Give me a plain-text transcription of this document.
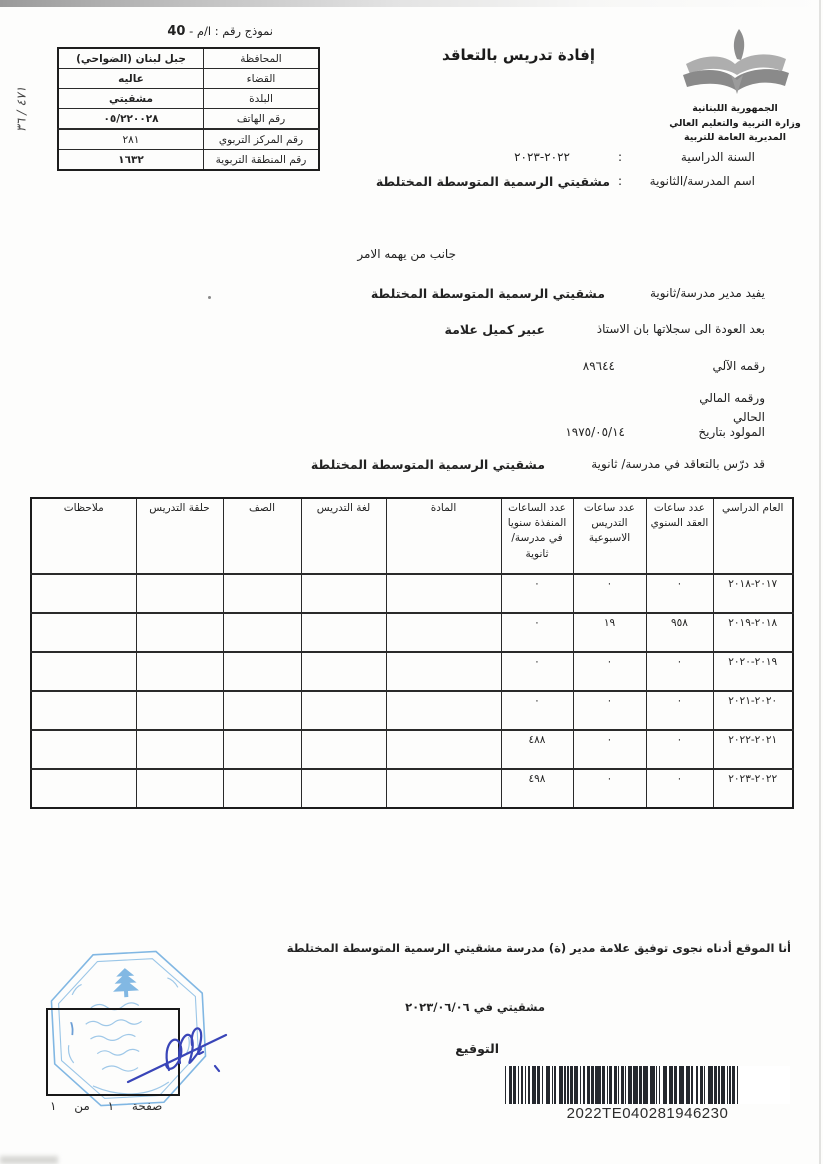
نموذج رقم : ا/م - 40
المحافظة	جبل لبنان (الضواحي)
القضاء	عاليه
البلدة	مشقيتي
رقم الهاتف	٠٥/٢٢٠٠٢٨
رقم المركز التربوي	٢٨١
رقم المنطقة التربوية	١٦٣٢
٤٧١ / ٣٦
الجمهورية اللبنانية
وزارة التربية والتعليم العالي
المديرية العامة للتربية
إفادة تدريس بالتعاقد
السنة الدراسية
:
٢٠٢٢-٢٠٢٣
اسم المدرسة/الثانوية
:
مشقيتي الرسمية المتوسطة المختلطة
جانب من يهمه الامر
يفيد مدير مدرسة/ثانوية
مشقيتي الرسمية المتوسطة المختلطة
بعد العودة الى سجلاتها بان الاستاذ
عبير كميل علامة
رقمه الآلي
٨٩٦٤٤
ورقمه المالي الحالي
المولود بتاريخ
١٩٧٥/٠٥/١٤
قد درّس بالتعاقد في مدرسة/ ثانوية
مشقيتي الرسمية المتوسطة المختلطة
العام الدراسي	عدد ساعات العقد السنوي	عدد ساعات التدريس الاسبوعية	عدد الساعات المنفذة سنويا في مدرسة/ثانوية	المادة	لغة التدريس	الصف	حلقة التدريس	ملاحظات
٢٠١٧-٢٠١٨	٠	٠	٠					
٢٠١٨-٢٠١٩	٩٥٨	١٩	٠					
٢٠١٩-٢٠٢٠	٠	٠	٠					
٢٠٢٠-٢٠٢١	٠	٠	٠					
٢٠٢١-٢٠٢٢	٠	٠	٤٨٨					
٢٠٢٢-٢٠٢٣	٠	٠	٤٩٨					
أنا الموقع أدناه نجوى توفيق علامة مدير (ة) مدرسة مشقيتي الرسمية المتوسطة المختلطة
مشقيتي في ٢٠٢٣/٠٦/٠٦
التوقيع
١
صفحة ١ من ١	2022TE040281946230
